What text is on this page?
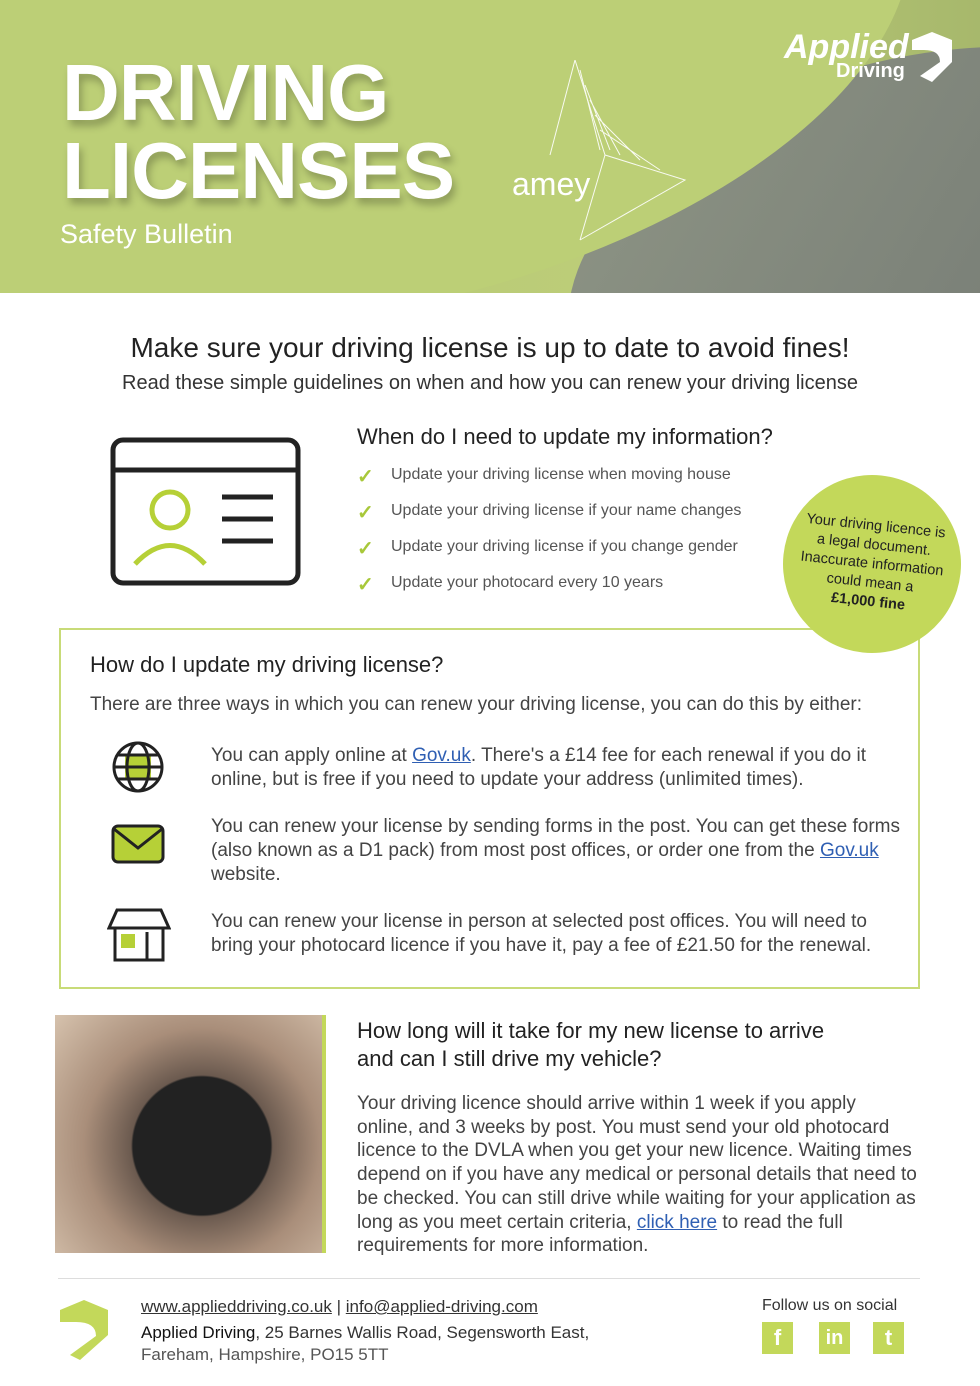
DRIVING
LICENSES
Safety Bulletin
amey
Applied
Driving
Make sure your driving license is up to date to avoid fines!
Read these simple guidelines on when and how you can renew your driving license
When do I need to update my information?
✓ Update your driving license when moving house
✓ Update your driving license if your name changes
✓ Update your driving license if you change gender
✓ Update your photocard every 10 years
How do I update my driving license?
There are three ways in which you can renew your driving license, you can do this by either:
You can apply online at Gov.uk. There's a £14 fee for each renewal if you do it online, but is free if you need to update your address (unlimited times).
You can renew your license by sending forms in the post. You can get these forms (also known as a D1 pack) from most post offices, or order one from the Gov.uk website.
You can renew your license in person at selected post offices. You will need to bring your photocard licence if you have it, pay a fee of £21.50 for the renewal.
Your driving licence is a legal document. Inaccurate information could mean a
£1,000 fine
How long will it take for my new license to arrive
and can I still drive my vehicle?
Your driving licence should arrive within 1 week if you apply online, and 3 weeks by post. You must send your old photocard licence to the DVLA when you get your new licence. Waiting times depend on if you have any medical or personal details that need to be checked. You can still drive while waiting for your application as long as you meet certain criteria, click here to read the full requirements for more information.
www.applieddriving.co.uk | info@applied-driving.com
Applied Driving, 25 Barnes Wallis Road, Segensworth East,
Fareham, Hampshire, PO15 5TT
Follow us on social
f	in	t
